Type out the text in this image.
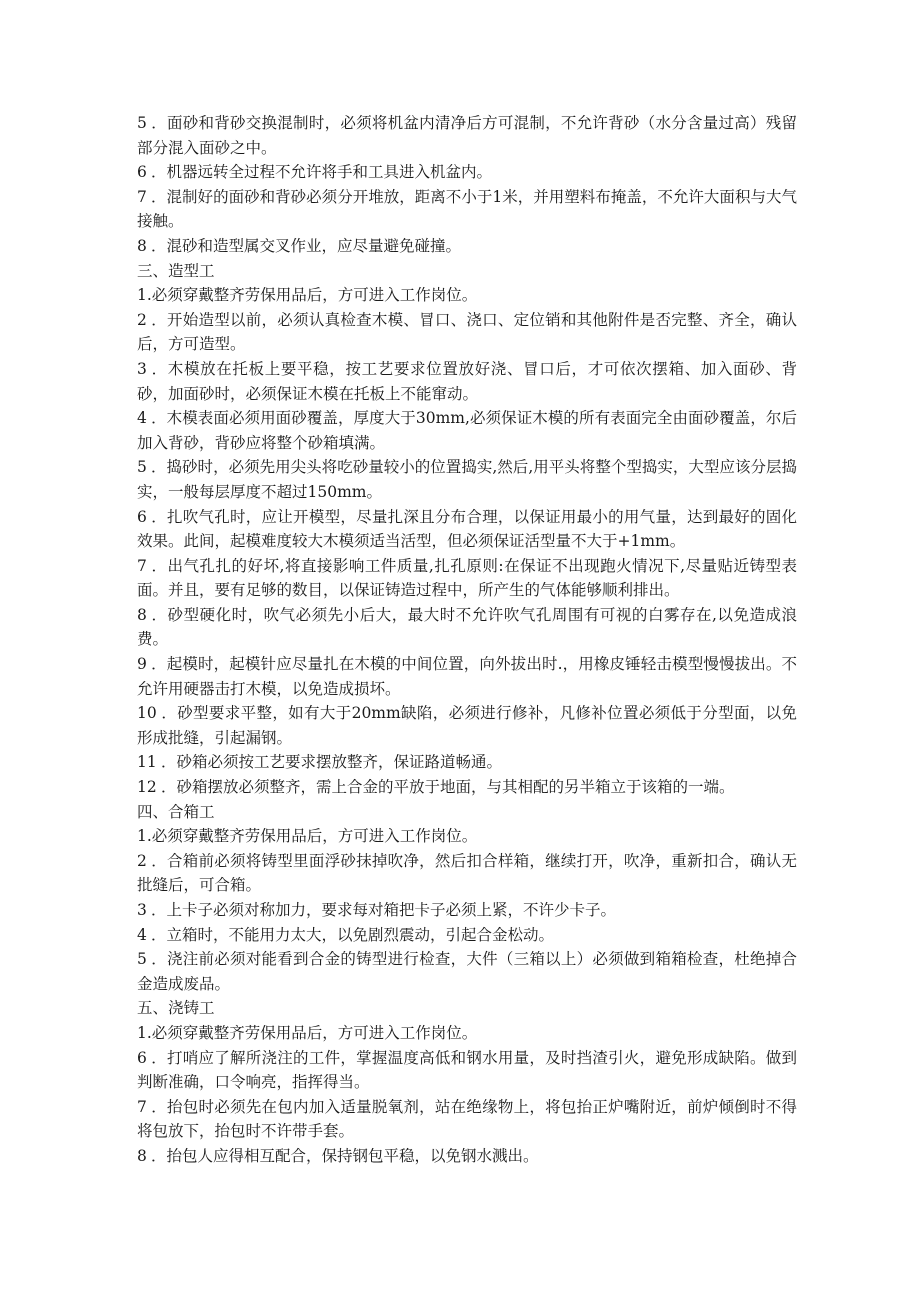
5 ．面砂和背砂交换混制时，必须将机盆内清净后方可混制，不允许背砂（水分含量过高）残留部分混入面砂之中。

6 ．机器远转全过程不允许将手和工具进入机盆内。

7 ．混制好的面砂和背砂必须分开堆放，距离不小于1米，并用塑料布掩盖，不允许大面积与大气接触。

8 ．混砂和造型属交叉作业，应尽量避免碰撞。

三、造型工

1.必须穿戴整齐劳保用品后，方可进入工作岗位。

2 ．开始造型以前，必须认真检查木模、冒口、浇口、定位销和其他附件是否完整、齐全，确认后，方可造型。

3 ．木模放在托板上要平稳，按工艺要求位置放好浇、冒口后，才可依次摆箱、加入面砂、背砂，加面砂时，必须保证木模在托板上不能窜动。

4 ．木模表面必须用面砂覆盖，厚度大于30mm,必须保证木模的所有表面完全由面砂覆盖，尔后加入背砂，背砂应将整个砂箱填满。

5 ．捣砂时，必须先用尖头将吃砂量较小的位置捣实,然后,用平头将整个型捣实，大型应该分层捣实，一般每层厚度不超过150mm。

6 ．扎吹气孔时，应让开模型，尽量扎深且分布合理，以保证用最小的用气量，达到最好的固化效果。此间，起模难度较大木模须适当活型，但必须保证活型量不大于+1mm。

7 ．出气孔扎的好坏,将直接影响工件质量,扎孔原则:在保证不出现跑火情况下,尽量贴近铸型表面。并且，要有足够的数目，以保证铸造过程中，所产生的气体能够顺利排出。

8 ．砂型硬化时，吹气必须先小后大，最大时不允许吹气孔周围有可视的白雾存在,以免造成浪费。

9 ．起模时，起模针应尽量扎在木模的中间位置，向外拔出时.，用橡皮锤轻击模型慢慢拔出。不允许用硬器击打木模，以免造成损坏。

10 ．砂型要求平整，如有大于20mm缺陷，必须进行修补，凡修补位置必须低于分型面，以免形成批缝，引起漏钢。

11 ．砂箱必须按工艺要求摆放整齐，保证路道畅通。

12 ．砂箱摆放必须整齐，需上合金的平放于地面，与其相配的另半箱立于该箱的一端。

四、合箱工

1.必须穿戴整齐劳保用品后，方可进入工作岗位。

2 ．合箱前必须将铸型里面浮砂抹掉吹净，然后扣合样箱，继续打开，吹净，重新扣合，确认无批缝后，可合箱。

3 ．上卡子必须对称加力，要求每对箱把卡子必须上紧，不许少卡子。

4 ．立箱时，不能用力太大，以免剧烈震动，引起合金松动。

5 ．浇注前必须对能看到合金的铸型进行检查，大件（三箱以上）必须做到箱箱检查，杜绝掉合金造成废品。

五、浇铸工

1.必须穿戴整齐劳保用品后，方可进入工作岗位。

6 ．打哨应了解所浇注的工件，掌握温度高低和钢水用量，及时挡渣引火，避免形成缺陷。做到判断准确，口令响亮，指挥得当。

7 ．抬包时必须先在包内加入适量脱氧剂，站在绝缘物上，将包抬正炉嘴附近，前炉倾倒时不得将包放下，抬包时不许带手套。

8 ．抬包人应得相互配合，保持钢包平稳，以免钢水溅出。
